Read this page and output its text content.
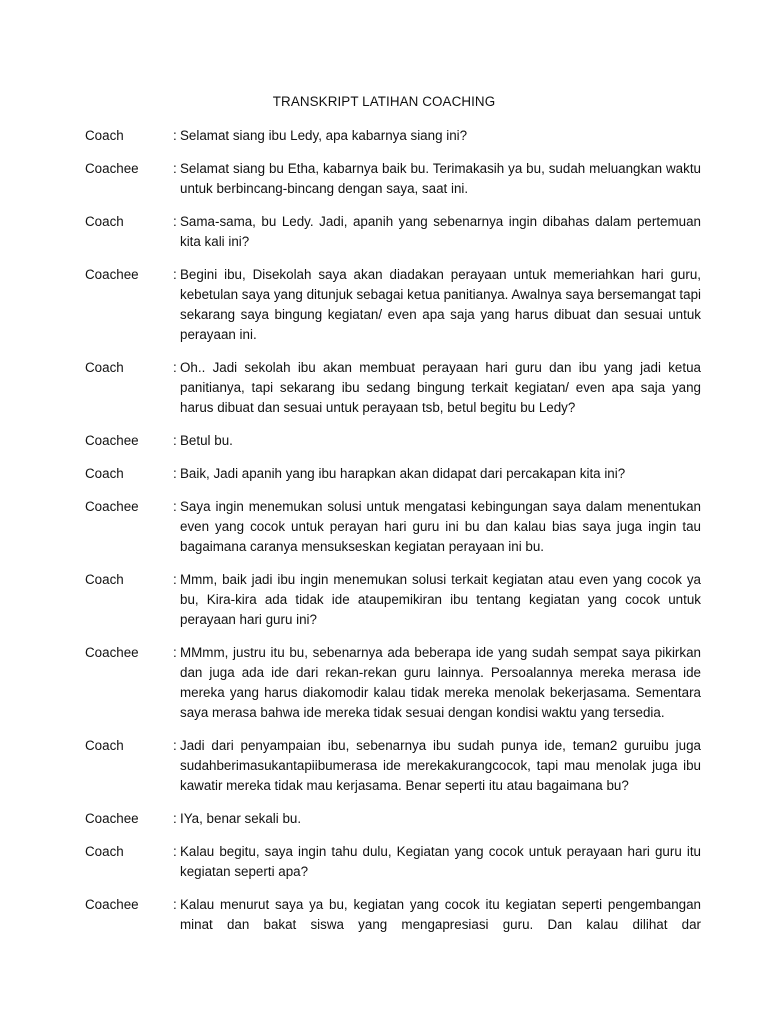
TRANSKRIPT LATIHAN COACHING
Coach	: Selamat siang ibu Ledy, apa kabarnya siang ini?
Coachee	: Selamat siang bu Etha, kabarnya baik bu. Terimakasih ya bu, sudah meluangkan waktu untuk berbincang-bincang dengan saya, saat ini.
Coach	: Sama-sama, bu Ledy. Jadi, apanih yang sebenarnya ingin dibahas dalam pertemuan kita kali ini?
Coachee	: Begini ibu, Disekolah saya akan diadakan perayaan untuk memeriahkan hari guru, kebetulan saya yang ditunjuk sebagai ketua panitianya. Awalnya saya bersemangat tapi sekarang saya bingung kegiatan/ even apa saja yang harus dibuat dan sesuai untuk perayaan ini.
Coach	: Oh.. Jadi sekolah ibu akan membuat perayaan hari guru dan ibu yang jadi ketua panitianya, tapi sekarang ibu sedang bingung terkait kegiatan/ even apa saja yang harus dibuat dan sesuai untuk perayaan tsb, betul begitu bu Ledy?
Coachee	: Betul bu.
Coach	: Baik, Jadi apanih yang ibu harapkan akan didapat dari percakapan kita ini?
Coachee	: Saya ingin menemukan solusi untuk mengatasi kebingungan saya dalam menentukan even yang cocok untuk perayan hari guru ini bu dan kalau bias saya juga ingin tau bagaimana caranya mensukseskan kegiatan perayaan ini bu.
Coach	: Mmm, baik jadi ibu ingin menemukan solusi terkait kegiatan atau even yang cocok ya bu, Kira-kira ada tidak ide ataupemikiran ibu tentang kegiatan yang cocok untuk perayaan hari guru ini?
Coachee	: MMmm, justru itu bu, sebenarnya ada beberapa ide yang sudah sempat saya pikirkan dan juga ada ide dari rekan-rekan guru lainnya. Persoalannya mereka merasa ide mereka yang harus diakomodir kalau tidak mereka menolak bekerjasama. Sementara saya merasa bahwa ide mereka tidak sesuai dengan kondisi waktu yang tersedia.
Coach	: Jadi dari penyampaian ibu, sebenarnya ibu sudah punya ide, teman2 guruibu juga sudahberimasukantapiibumerasa ide merekakurangcocok, tapi mau menolak juga ibu kawatir mereka tidak mau kerjasama. Benar seperti itu atau bagaimana bu?
Coachee	: IYa, benar sekali bu.
Coach	: Kalau begitu, saya ingin tahu dulu, Kegiatan yang cocok untuk perayaan hari guru itu kegiatan seperti apa?
Coachee	: Kalau menurut saya ya bu, kegiatan yang cocok itu kegiatan seperti pengembangan minat dan bakat siswa yang mengapresiasi guru. Dan kalau dilihat dar
